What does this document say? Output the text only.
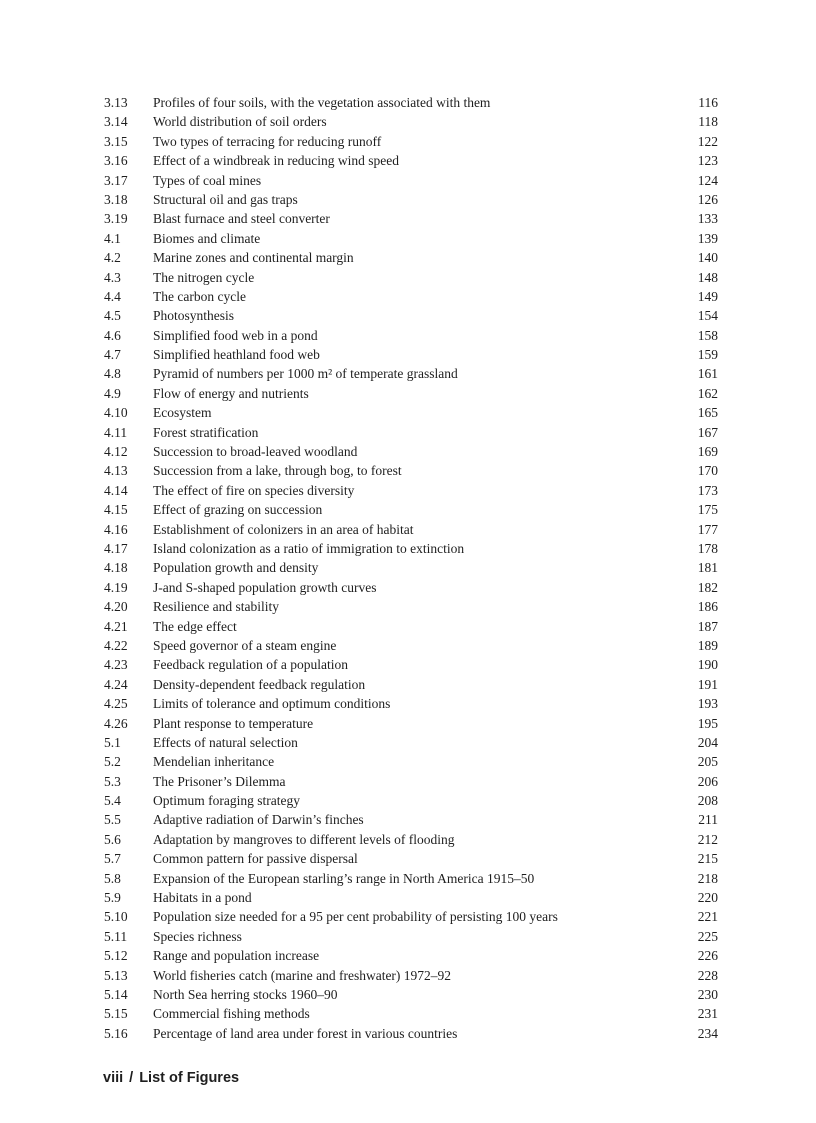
3.13 Profiles of four soils, with the vegetation associated with them	116
3.14 World distribution of soil orders	118
3.15 Two types of terracing for reducing runoff	122
3.16 Effect of a windbreak in reducing wind speed	123
3.17 Types of coal mines	124
3.18 Structural oil and gas traps	126
3.19 Blast furnace and steel converter	133
4.1 Biomes and climate	139
4.2 Marine zones and continental margin	140
4.3 The nitrogen cycle	148
4.4 The carbon cycle	149
4.5 Photosynthesis	154
4.6 Simplified food web in a pond	158
4.7 Simplified heathland food web	159
4.8 Pyramid of numbers per 1000 m² of temperate grassland	161
4.9 Flow of energy and nutrients	162
4.10 Ecosystem	165
4.11 Forest stratification	167
4.12 Succession to broad-leaved woodland	169
4.13 Succession from a lake, through bog, to forest	170
4.14 The effect of fire on species diversity	173
4.15 Effect of grazing on succession	175
4.16 Establishment of colonizers in an area of habitat	177
4.17 Island colonization as a ratio of immigration to extinction	178
4.18 Population growth and density	181
4.19 J-and S-shaped population growth curves	182
4.20 Resilience and stability	186
4.21 The edge effect	187
4.22 Speed governor of a steam engine	189
4.23 Feedback regulation of a population	190
4.24 Density-dependent feedback regulation	191
4.25 Limits of tolerance and optimum conditions	193
4.26 Plant response to temperature	195
5.1 Effects of natural selection	204
5.2 Mendelian inheritance	205
5.3 The Prisoner’s Dilemma	206
5.4 Optimum foraging strategy	208
5.5 Adaptive radiation of Darwin’s finches	211
5.6 Adaptation by mangroves to different levels of flooding	212
5.7 Common pattern for passive dispersal	215
5.8 Expansion of the European starling’s range in North America 1915–50	218
5.9 Habitats in a pond	220
5.10 Population size needed for a 95 per cent probability of persisting 100 years	221
5.11 Species richness	225
5.12 Range and population increase	226
5.13 World fisheries catch (marine and freshwater) 1972–92	228
5.14 North Sea herring stocks 1960–90	230
5.15 Commercial fishing methods	231
5.16 Percentage of land area under forest in various countries	234
viii / List of Figures
